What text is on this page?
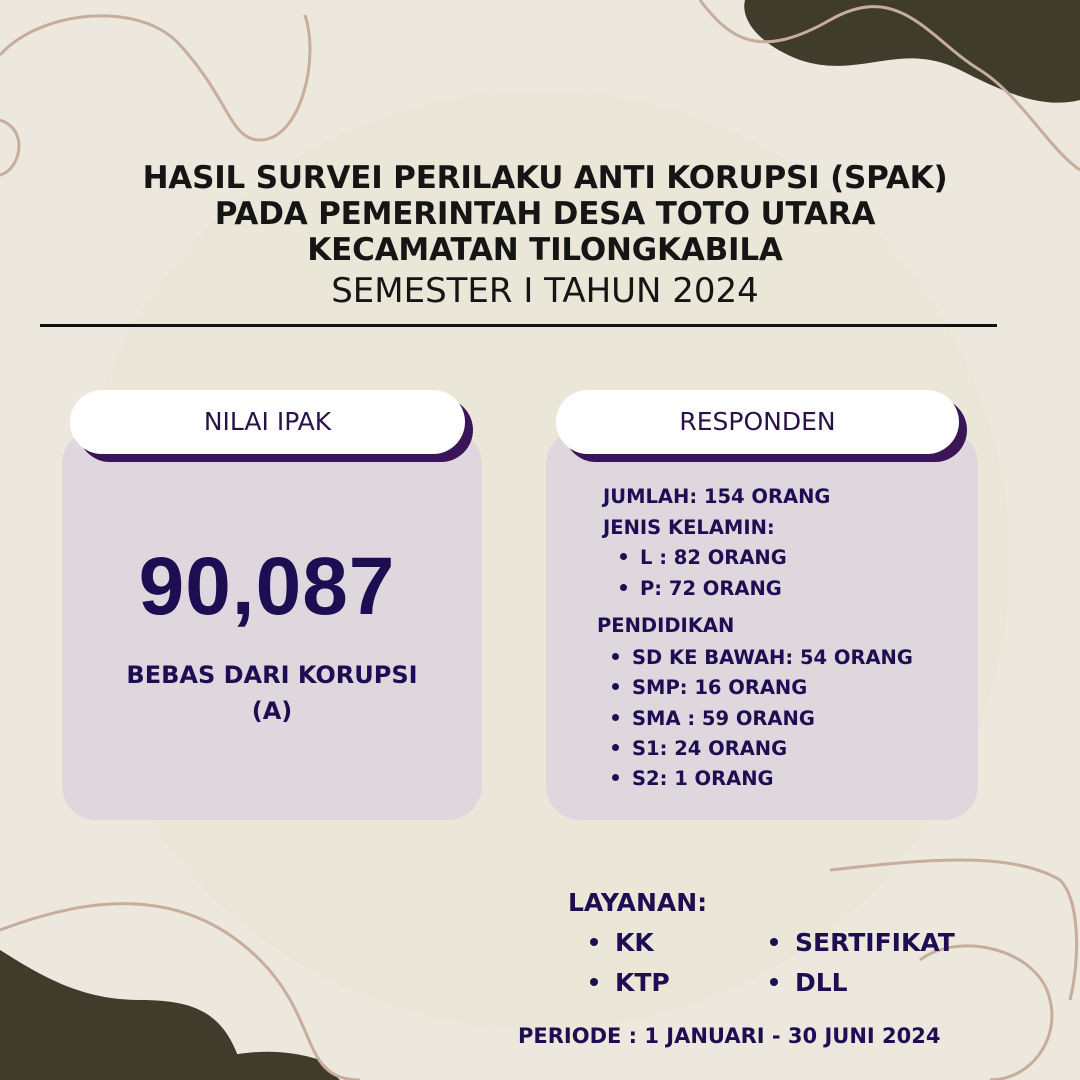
HASIL SURVEI PERILAKU ANTI KORUPSI (SPAK)
PADA PEMERINTAH DESA TOTO UTARA
KECAMATAN TILONGKABILA
SEMESTER I TAHUN 2024
NILAI IPAK
90,087
BEBAS DARI KORUPSI
(A)
RESPONDEN
JUMLAH: 154 ORANG
JENIS KELAMIN:
L : 82 ORANG
P: 72 ORANG
PENDIDIKAN
SD KE BAWAH: 54 ORANG
SMP: 16 ORANG
SMA : 59 ORANG
S1: 24 ORANG
S2: 1 ORANG
LAYANAN:
KK	SERTIFIKAT
KTP	DLL
PERIODE : 1 JANUARI - 30 JUNI 2024
